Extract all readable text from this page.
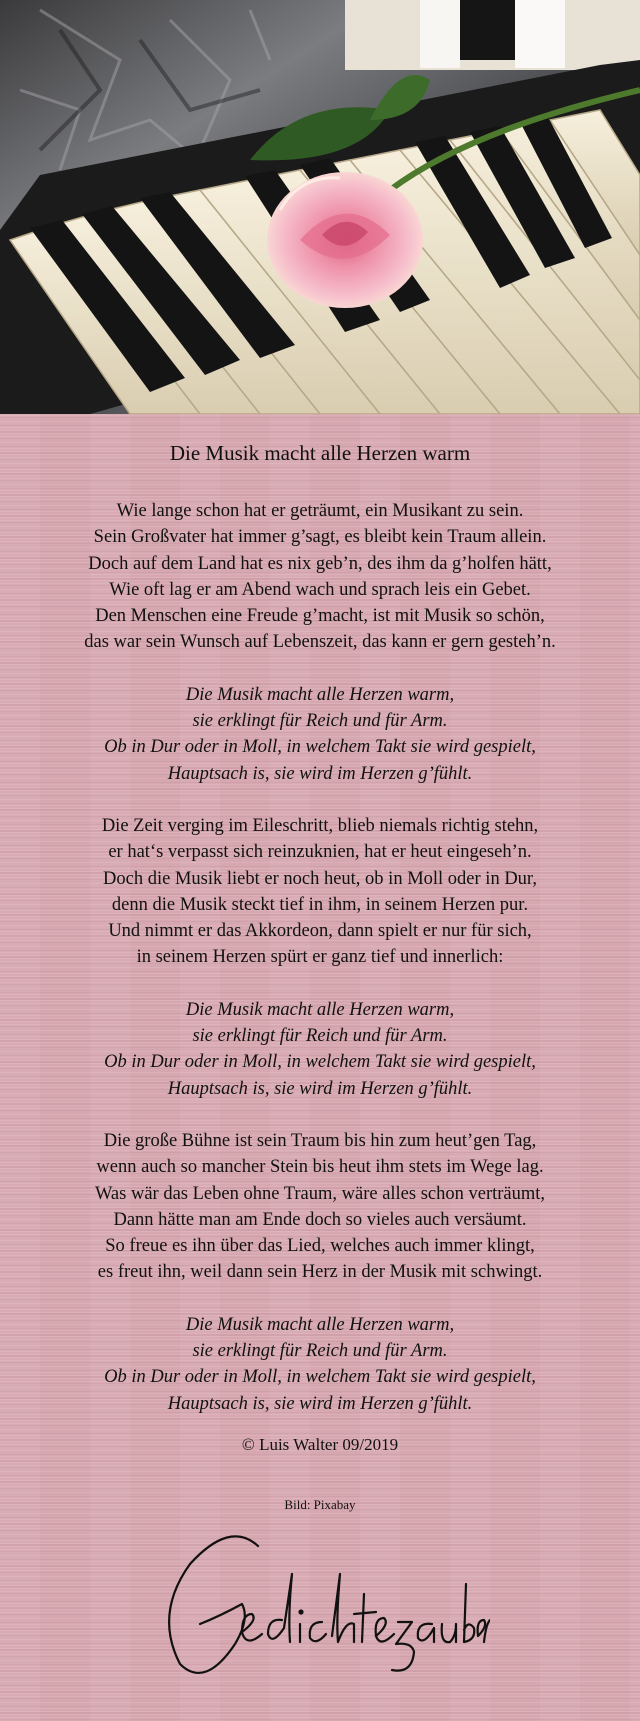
Die Musik macht alle Herzen warm
Wie lange schon hat er geträumt, ein Musikant zu sein.
Sein Großvater hat immer g’sagt, es bleibt kein Traum allein.
Doch auf dem Land hat es nix geb’n, des ihm da g’holfen hätt,
Wie oft lag er am Abend wach und sprach leis ein Gebet.
Den Menschen eine Freude g’macht, ist mit Musik so schön,
das war sein Wunsch auf Lebenszeit, das kann er gern gesteh’n.
Die Musik macht alle Herzen warm,
sie erklingt für Reich und für Arm.
Ob in Dur oder in Moll, in welchem Takt sie wird gespielt,
Hauptsach is, sie wird im Herzen g’fühlt.
Die Zeit verging im Eileschritt, blieb niemals richtig stehn,
er hat‘s verpasst sich reinzuknien, hat er heut eingeseh’n.
Doch die Musik liebt er noch heut, ob in Moll oder in Dur,
denn die Musik steckt tief in ihm, in seinem Herzen pur.
Und nimmt er das Akkordeon, dann spielt er nur für sich,
in seinem Herzen spürt er ganz tief und innerlich:
Die Musik macht alle Herzen warm,
sie erklingt für Reich und für Arm.
Ob in Dur oder in Moll, in welchem Takt sie wird gespielt,
Hauptsach is, sie wird im Herzen g’fühlt.
Die große Bühne ist sein Traum bis hin zum heut’gen Tag,
wenn auch so mancher Stein bis heut ihm stets im Wege lag.
Was wär das Leben ohne Traum, wäre alles schon verträumt,
Dann hätte man am Ende doch so vieles auch versäumt.
So freue es ihn über das Lied, welches auch immer klingt,
es freut ihn, weil dann sein Herz in der Musik mit schwingt.
Die Musik macht alle Herzen warm,
sie erklingt für Reich und für Arm.
Ob in Dur oder in Moll, in welchem Takt sie wird gespielt,
Hauptsach is, sie wird im Herzen g’fühlt.
© Luis Walter 09/2019
Bild: Pixabay
